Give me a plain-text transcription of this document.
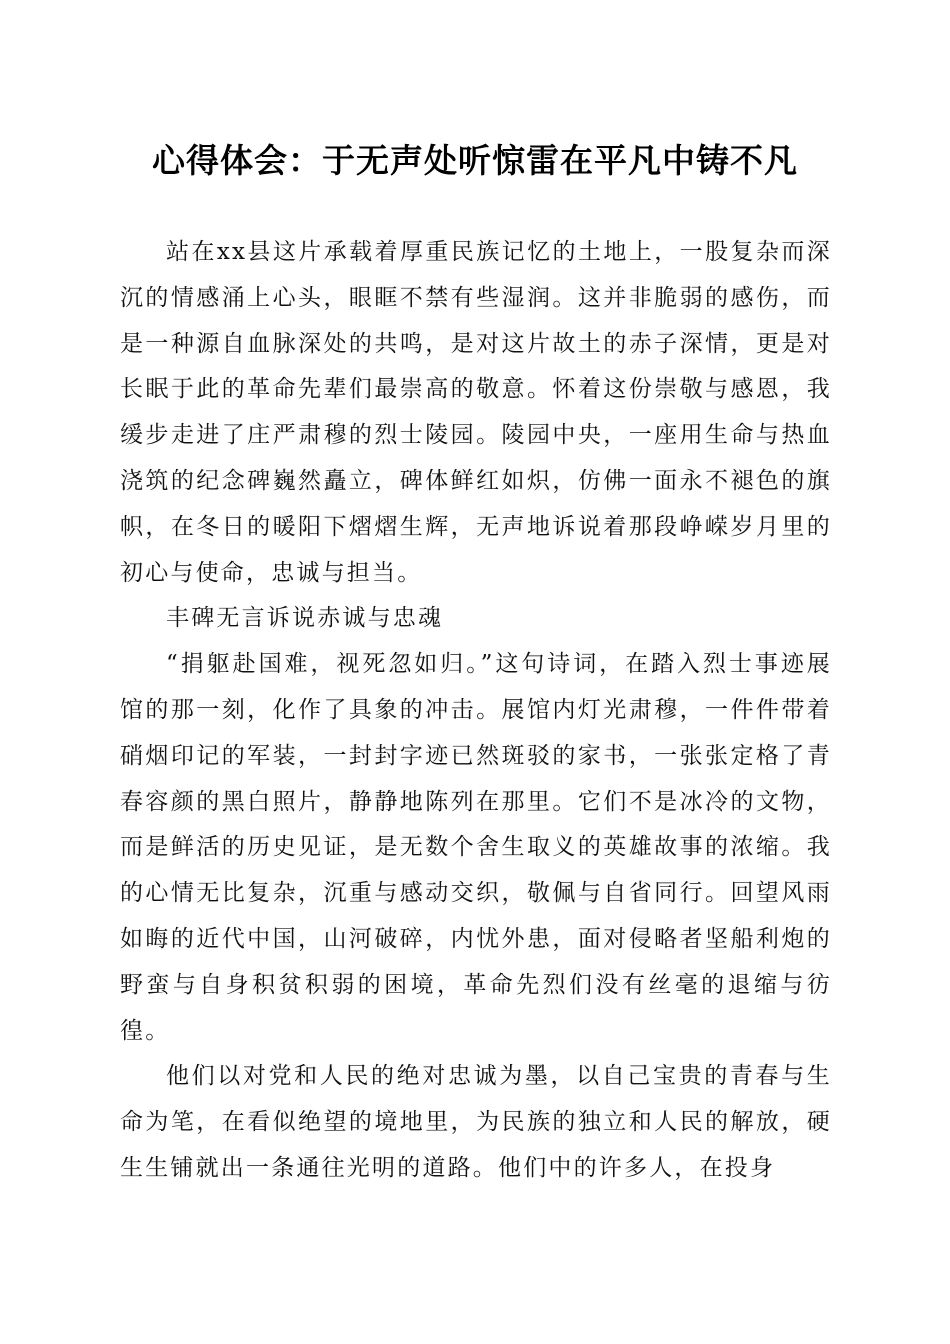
心得体会：于无声处听惊雷在平凡中铸不凡

站在xx县这片承载着厚重民族记忆的土地上，一股复杂而深沉的情感涌上心头，眼眶不禁有些湿润。这并非脆弱的感伤，而是一种源自血脉深处的共鸣，是对这片故土的赤子深情，更是对长眠于此的革命先辈们最崇高的敬意。怀着这份崇敬与感恩，我缓步走进了庄严肃穆的烈士陵园。陵园中央，一座用生命与热血浇筑的纪念碑巍然矗立，碑体鲜红如炽，仿佛一面永不褪色的旗帜，在冬日的暖阳下熠熠生辉，无声地诉说着那段峥嵘岁月里的初心与使命，忠诚与担当。

丰碑无言诉说赤诚与忠魂

“捐躯赴国难，视死忽如归。”这句诗词，在踏入烈士事迹展馆的那一刻，化作了具象的冲击。展馆内灯光肃穆，一件件带着硝烟印记的军装，一封封字迹已然斑驳的家书，一张张定格了青春容颜的黑白照片，静静地陈列在那里。它们不是冰冷的文物，而是鲜活的历史见证，是无数个舍生取义的英雄故事的浓缩。我的心情无比复杂，沉重与感动交织，敬佩与自省同行。回望风雨如晦的近代中国，山河破碎，内忧外患，面对侵略者坚船利炮的野蛮与自身积贫积弱的困境，革命先烈们没有丝毫的退缩与彷徨。

他们以对党和人民的绝对忠诚为墨，以自己宝贵的青春与生命为笔，在看似绝望的境地里，为民族的独立和人民的解放，硬生生铺就出一条通往光明的道路。他们中的许多人，在投身
